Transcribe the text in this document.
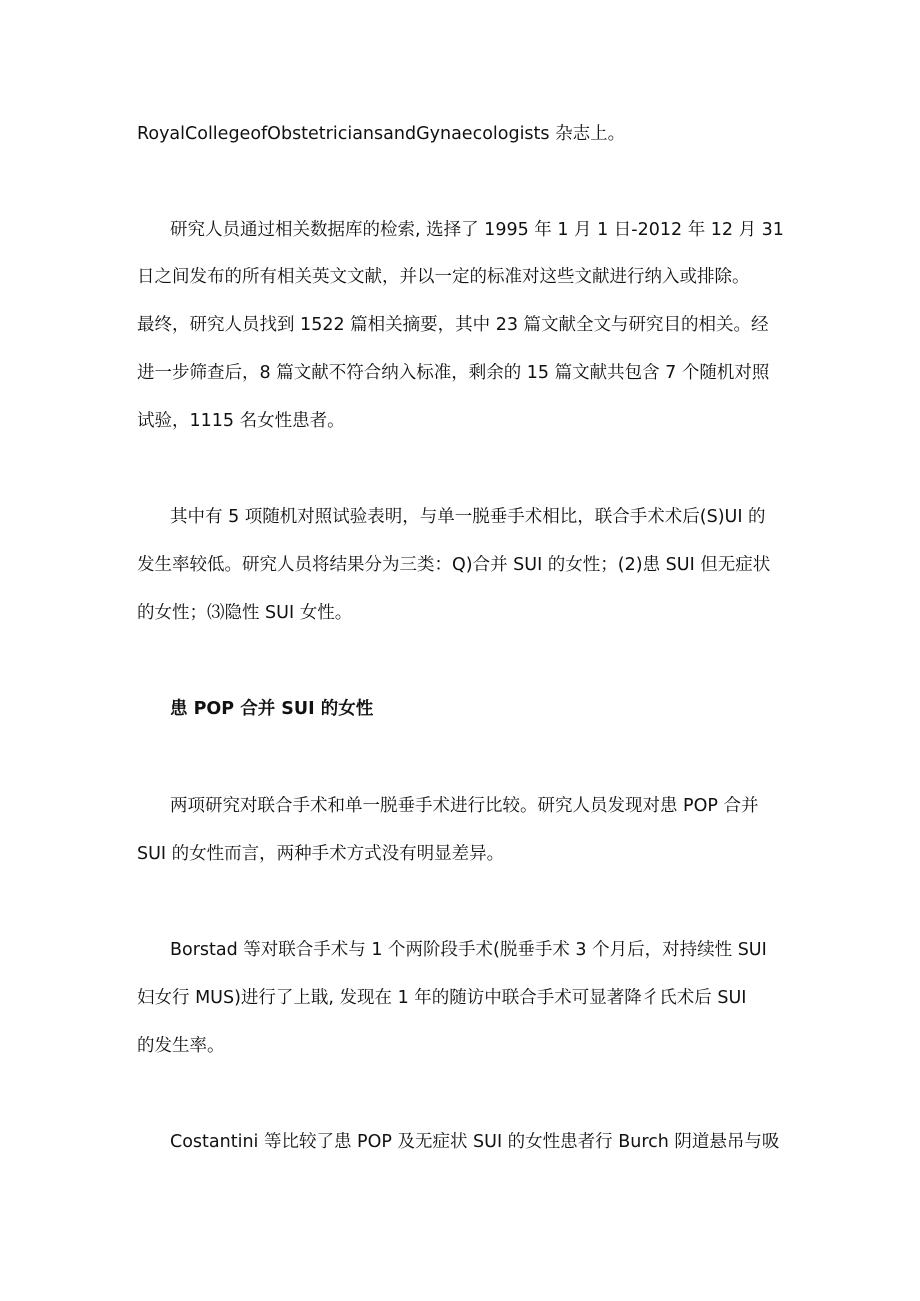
RoyalCollegeofObstetriciansandGynaecologists 杂志上。
研究人员通过相关数据库的检索, 选择了 1995 年 1 月 1 日-2012 年 12 月 31
日之间发布的所有相关英文文献，并以一定的标准对这些文献进行纳入或排除。
最终，研究人员找到 1522 篇相关摘要，其中 23 篇文献全文与研究目的相关。经
进一步筛查后，8 篇文献不符合纳入标准，剩余的 15 篇文献共包含 7 个随机对照
试验，1115 名女性患者。
其中有 5 项随机对照试验表明，与单一脱垂手术相比，联合手术术后(S)UI 的
发生率较低。研究人员将结果分为三类：Q)合并 SUI 的女性；(2)患 SUI 但无症状
的女性；⑶隐性 SUI 女性。
患 POP 合并 SUI 的女性
两项研究对联合手术和单一脱垂手术进行比较。研究人员发现对患 POP 合并
SUI 的女性而言，两种手术方式没有明显差异。
Borstad 等对联合手术与 1 个两阶段手术(脱垂手术 3 个月后，对持续性 SUI
妇女行 MUS)进行了上戢, 发现在 1 年的随访中联合手术可显著降彳氏术后 SUI
的发生率。
Costantini 等比较了患 POP 及无症状 SUI 的女性患者行 Burch 阴道悬吊与吸
